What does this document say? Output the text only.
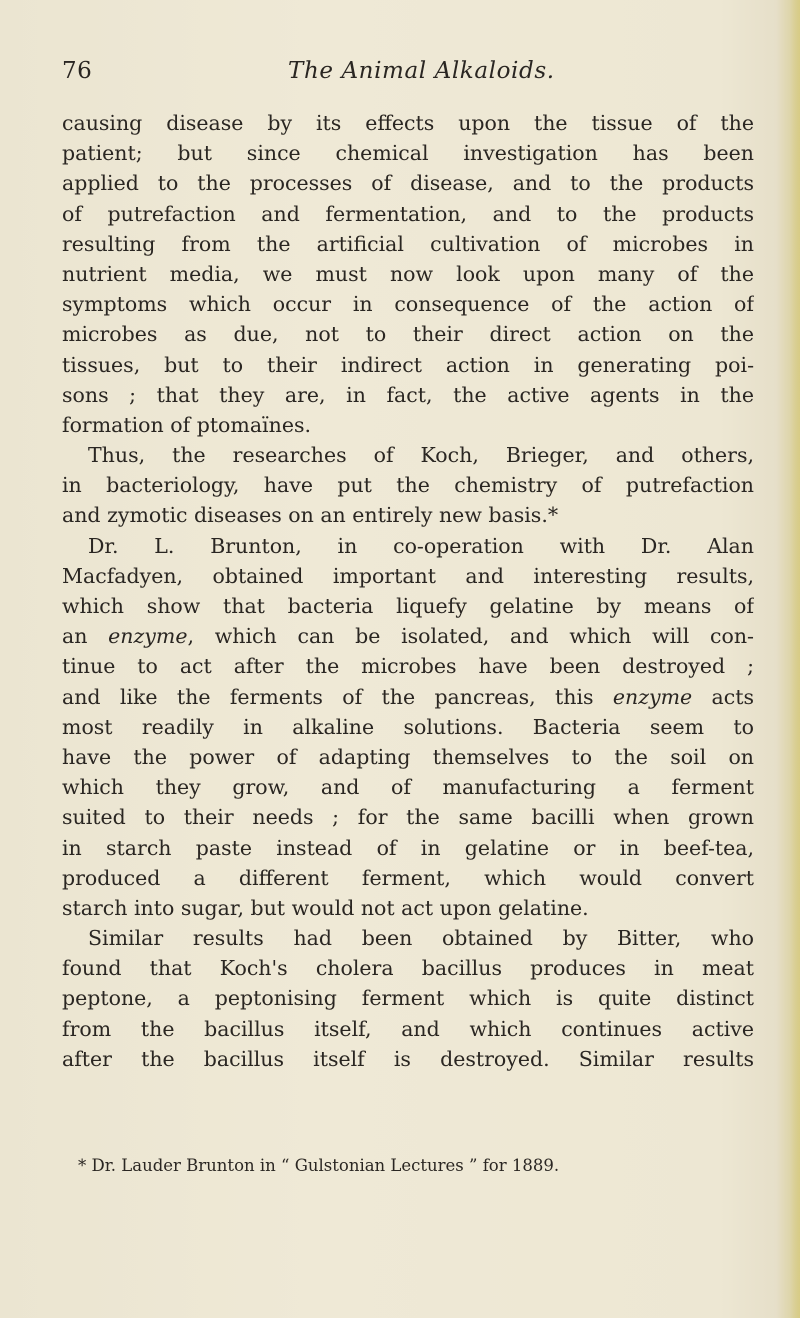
76	The Animal Alkaloids.
causing disease by its effects upon the tissue of the
patient; but since chemical investigation has been
applied to the processes of disease, and to the products
of putrefaction and fermentation, and to the products
resulting from the artificial cultivation of microbes in
nutrient media, we must now look upon many of the
symptoms which occur in consequence of the action of
microbes as due, not to their direct action on the
tissues, but to their indirect action in generating poi-
sons ; that they are, in fact, the active agents in the
formation of ptomaïnes.
Thus, the researches of Koch, Brieger, and others,
in bacteriology, have put the chemistry of putrefaction
and zymotic diseases on an entirely new basis.*
Dr. L. Brunton, in co-operation with Dr. Alan
Macfadyen, obtained important and interesting results,
which show that bacteria liquefy gelatine by means of
an enzyme, which can be isolated, and which will con-
tinue to act after the microbes have been destroyed ;
and like the ferments of the pancreas, this enzyme acts
most readily in alkaline solutions. Bacteria seem to
have the power of adapting themselves to the soil on
which they grow, and of manufacturing a ferment
suited to their needs ; for the same bacilli when grown
in starch paste instead of in gelatine or in beef-tea,
produced a different ferment, which would convert
starch into sugar, but would not act upon gelatine.
Similar results had been obtained by Bitter, who
found that Koch's cholera bacillus produces in meat
peptone, a peptonising ferment which is quite distinct
from the bacillus itself, and which continues active
after the bacillus itself is destroyed. Similar results
* Dr. Lauder Brunton in “ Gulstonian Lectures ” for 1889.
